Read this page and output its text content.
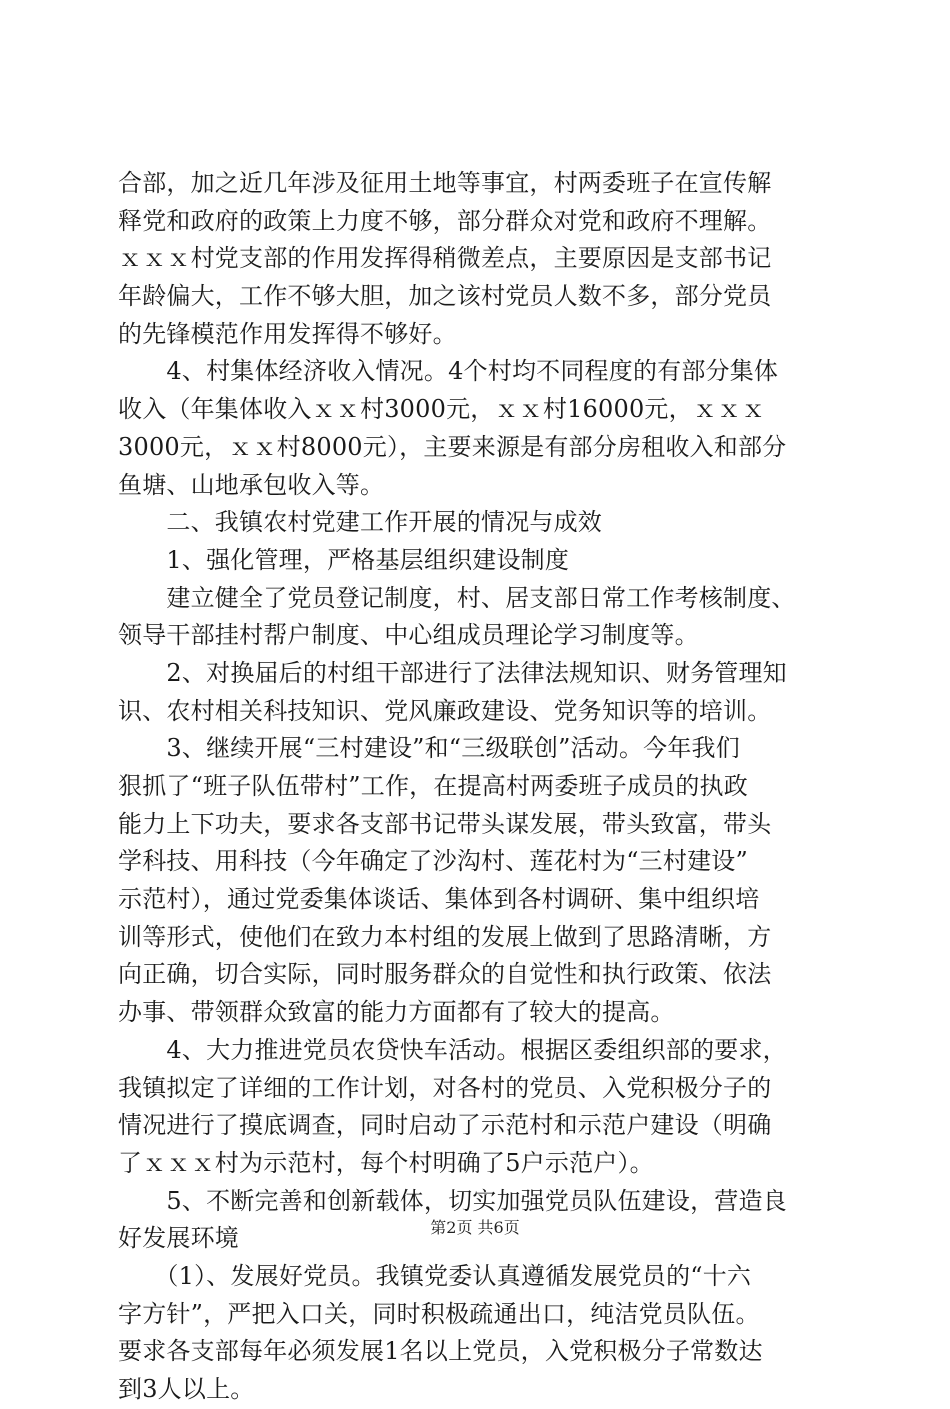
合部，加之近几年涉及征用土地等事宜，村两委班子在宣传解
释党和政府的政策上力度不够，部分群众对党和政府不理解。
ｘｘｘ村党支部的作用发挥得稍微差点，主要原因是支部书记
年龄偏大，工作不够大胆，加之该村党员人数不多，部分党员
的先锋模范作用发挥得不够好。
　　4、村集体经济收入情况。4个村均不同程度的有部分集体
收入（年集体收入ｘｘ村3000元，ｘｘ村16000元，ｘｘｘ
3000元，ｘｘ村8000元），主要来源是有部分房租收入和部分
鱼塘、山地承包收入等。
　　二、我镇农村党建工作开展的情况与成效
　　1、强化管理，严格基层组织建设制度
　　建立健全了党员登记制度，村、居支部日常工作考核制度、
领导干部挂村帮户制度、中心组成员理论学习制度等。
　　2、对换届后的村组干部进行了法律法规知识、财务管理知
识、农村相关科技知识、党风廉政建设、党务知识等的培训。
　　3、继续开展“三村建设”和“三级联创”活动。今年我们
狠抓了“班子队伍带村”工作，在提高村两委班子成员的执政
能力上下功夫，要求各支部书记带头谋发展，带头致富，带头
学科技、用科技（今年确定了沙沟村、莲花村为“三村建设”
示范村），通过党委集体谈话、集体到各村调研、集中组织培
训等形式，使他们在致力本村组的发展上做到了思路清晰，方
向正确，切合实际，同时服务群众的自觉性和执行政策、依法
办事、带领群众致富的能力方面都有了较大的提高。
　　4、大力推进党员农贷快车活动。根据区委组织部的要求，
我镇拟定了详细的工作计划，对各村的党员、入党积极分子的
情况进行了摸底调查，同时启动了示范村和示范户建设（明确
了ｘｘｘ村为示范村，每个村明确了5户示范户）。
　　5、不断完善和创新载体，切实加强党员队伍建设，营造良
好发展环境
　　（1）、发展好党员。我镇党委认真遵循发展党员的“十六
字方针”，严把入口关，同时积极疏通出口，纯洁党员队伍。
要求各支部每年必须发展1名以上党员，入党积极分子常数达
到3人以上。
第2页 共6页
